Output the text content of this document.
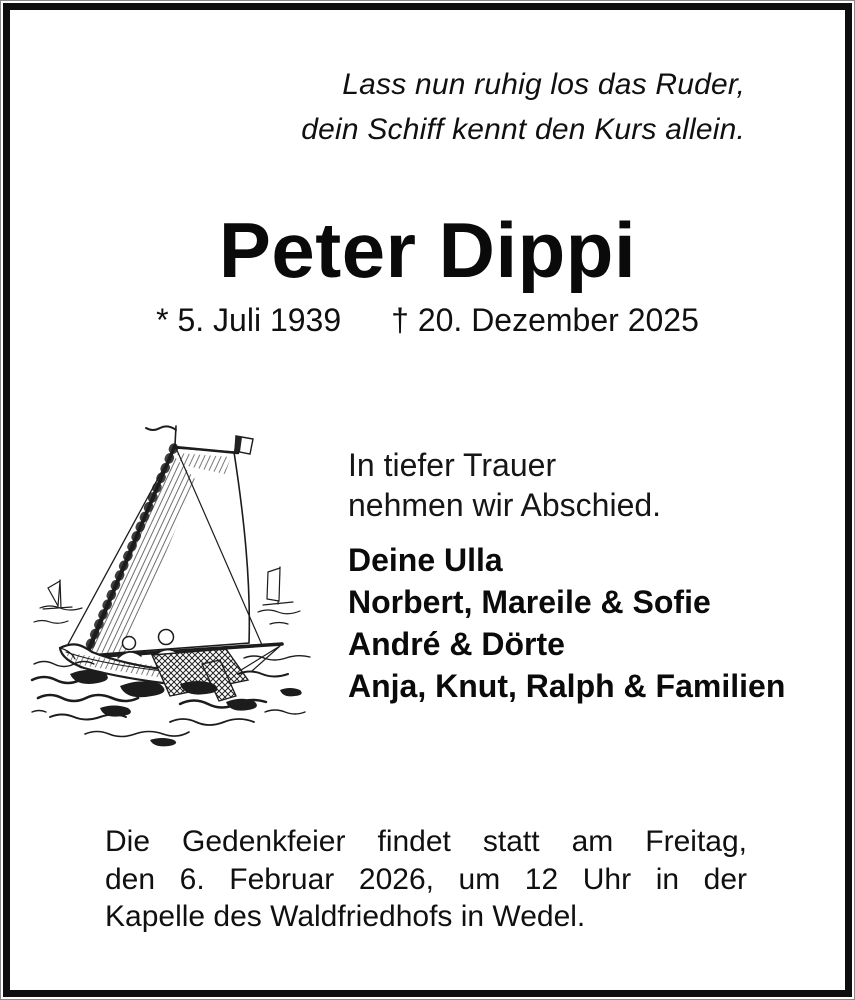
Lass nun ruhig los das Ruder,
dein Schiff kennt den Kurs allein.
Peter Dippi
* 5. Juli 1939 † 20. Dezember 2025
In tiefer Trauer
nehmen wir Abschied.
Deine Ulla
Norbert, Mareile & Sofie
André & Dörte
Anja, Knut, Ralph & Familien
Die Gedenkfeier findet statt am Freitag,
den 6. Februar 2026, um 12 Uhr in der
Kapelle des Waldfriedhofs in Wedel.
